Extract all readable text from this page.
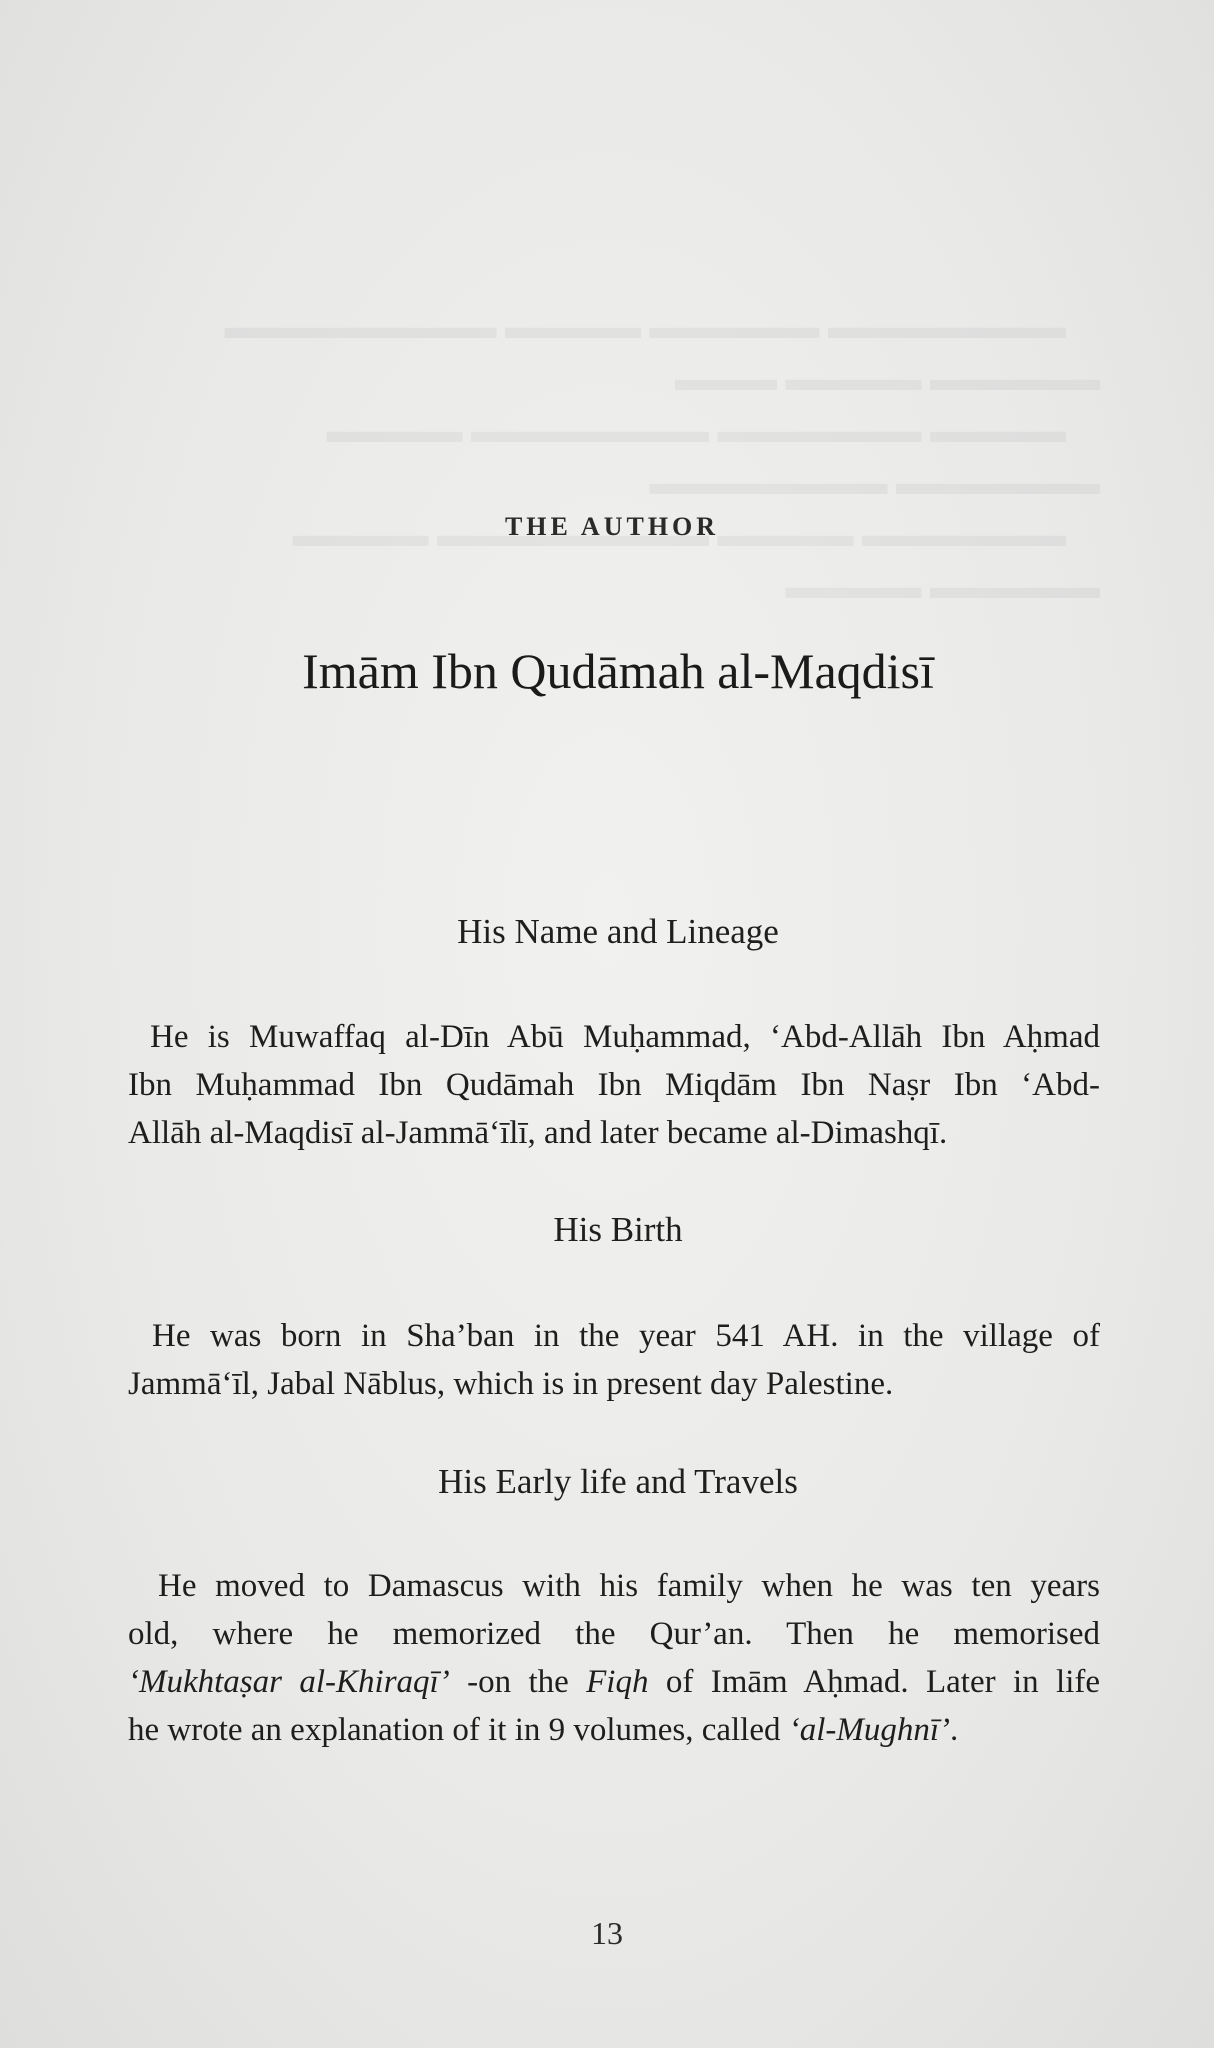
THE AUTHOR
Imām Ibn Qudāmah al-Maqdisī
His Name and Lineage
He is Muwaffaq al-Dīn Abū Muḥammad, ‘Abd-Allāh Ibn Aḥmad
Ibn Muḥammad Ibn Qudāmah Ibn Miqdām Ibn Naṣr Ibn ‘Abd-
Allāh al-Maqdisī al-Jammā‘īlī, and later became al-Dimashqī.
His Birth
He was born in Sha’ban in the year 541 AH. in the village of
Jammā‘īl, Jabal Nāblus, which is in present day Palestine.
His Early life and Travels
He moved to Damascus with his family when he was ten years
old, where he memorized the Qur’an. Then he memorised
‘Mukhtaṣar al-Khiraqī’ -on the Fiqh of Imām Aḥmad. Later in life
he wrote an explanation of it in 9 volumes, called ‘al-Mughnī’.
13
